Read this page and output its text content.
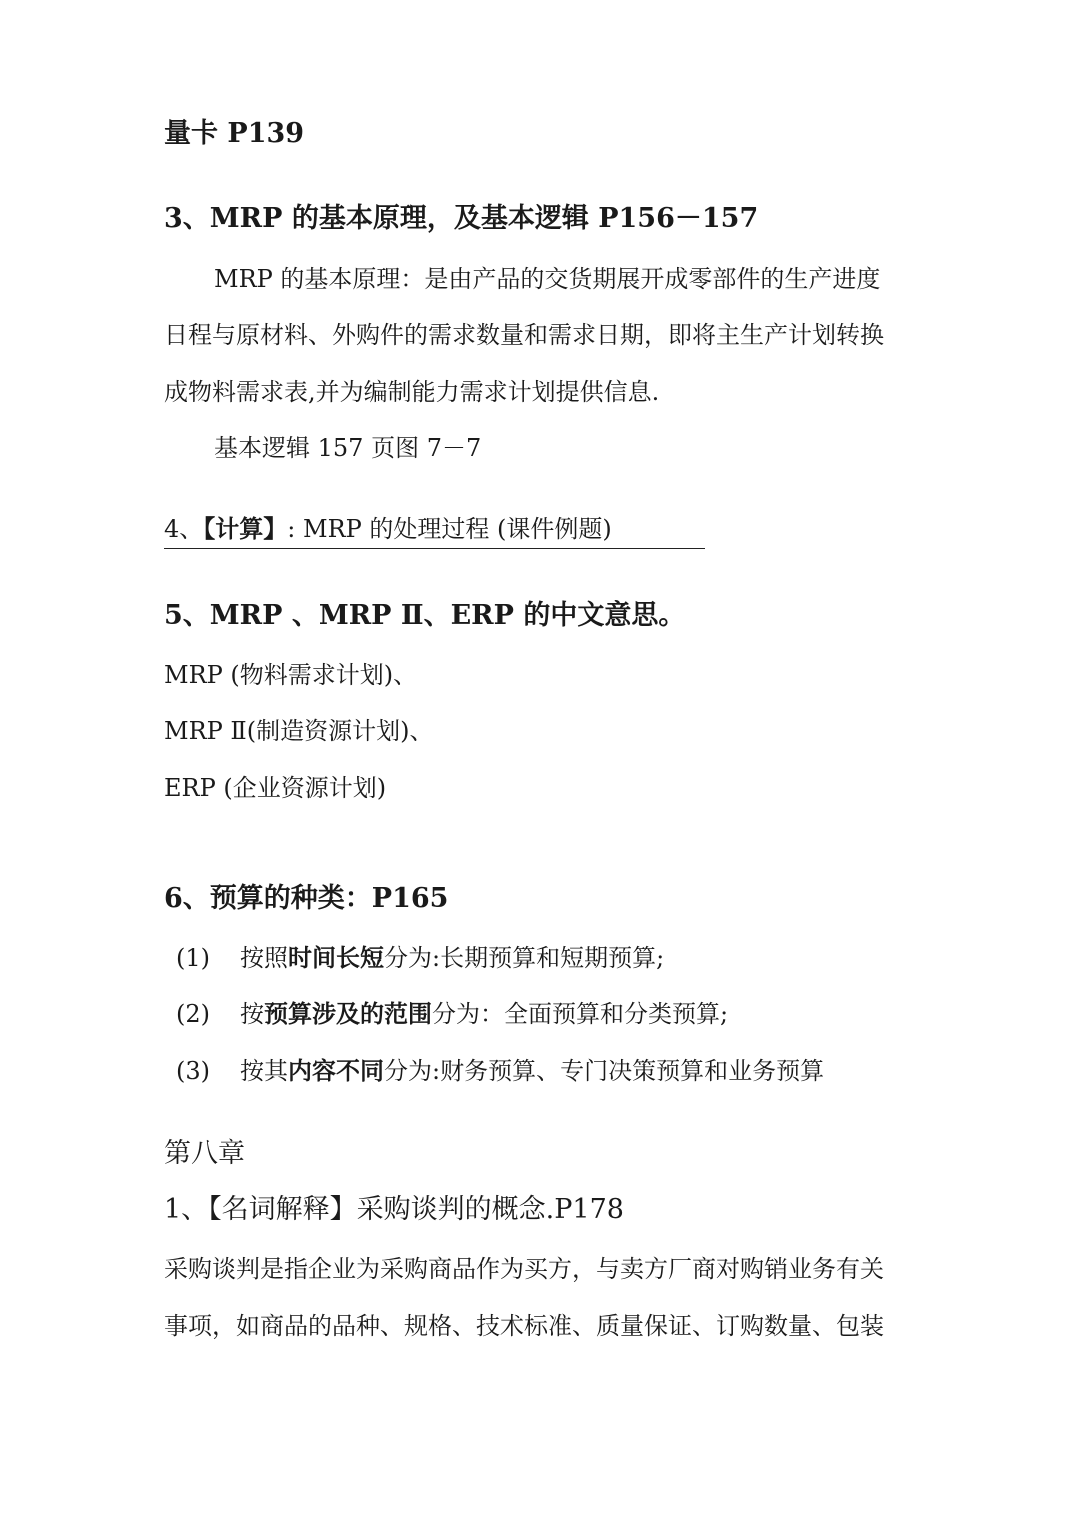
量卡 P139
3、MRP 的基本原理，及基本逻辑 P156－157
MRP 的基本原理：是由产品的交货期展开成零部件的生产进度
日程与原材料、外购件的需求数量和需求日期，即将主生产计划转换
成物料需求表,并为编制能力需求计划提供信息.
基本逻辑 157 页图 7－7
4、【计算】: MRP 的处理过程 (课件例题)
5、MRP 、MRP Ⅱ、ERP 的中文意思。
MRP (物料需求计划)、
MRP Ⅱ(制造资源计划)、
ERP (企业资源计划)
6、预算的种类：P165
(1) 按照时间长短分为:长期预算和短期预算;
(2) 按预算涉及的范围分为：全面预算和分类预算;
(3) 按其内容不同分为:财务预算、专门决策预算和业务预算
第八章
1、【名词解释】采购谈判的概念.P178
采购谈判是指企业为采购商品作为买方，与卖方厂商对购销业务有关
事项，如商品的品种、规格、技术标准、质量保证、订购数量、包装
